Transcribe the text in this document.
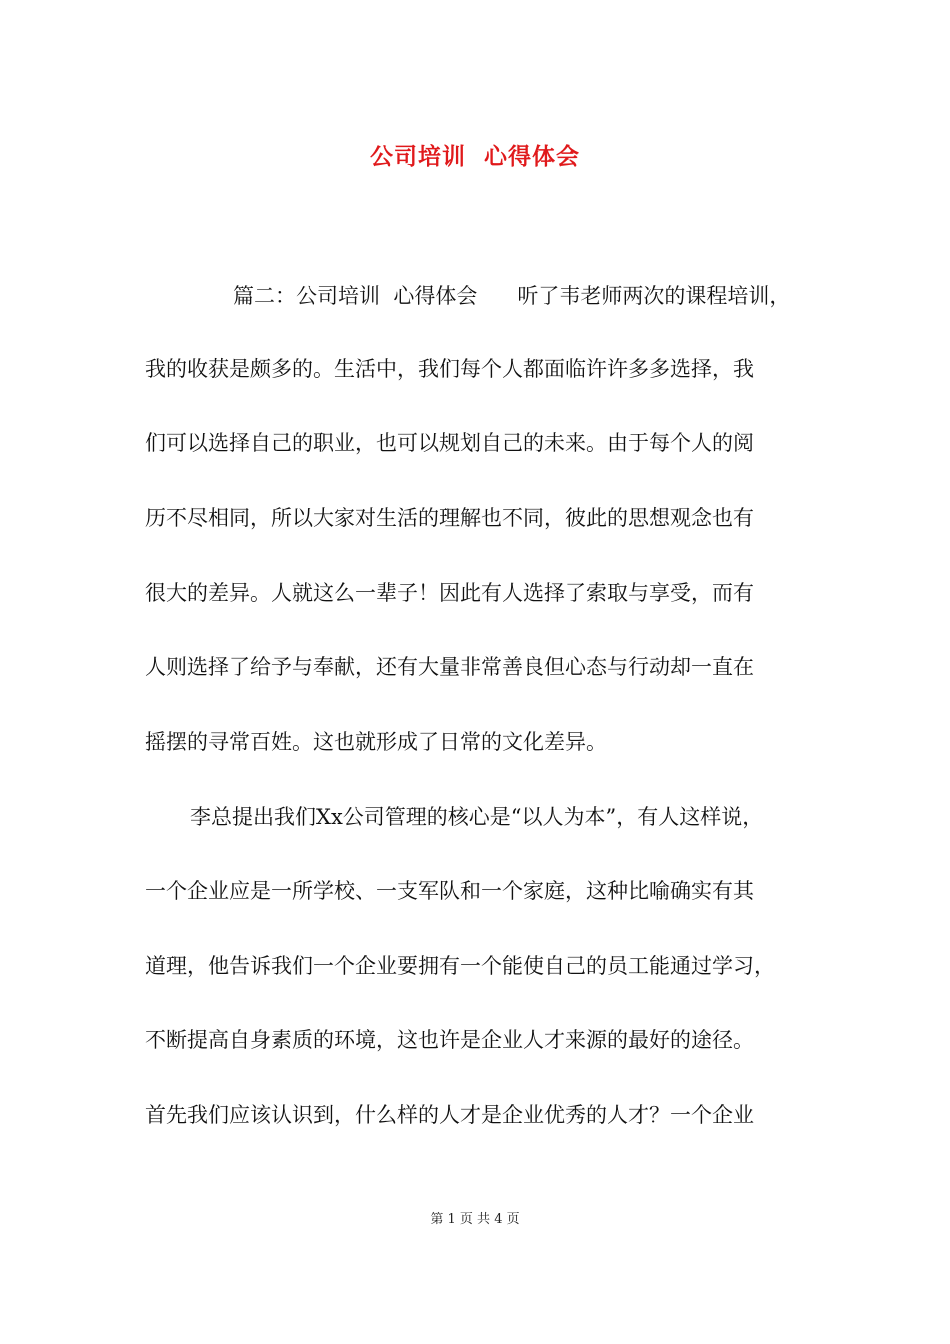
公司培训  心得体会
篇二：公司培训  心得体会      听了韦老师两次的课程培训，
我的收获是颇多的。生活中，我们每个人都面临许许多多选择，我
们可以选择自己的职业，也可以规划自己的未来。由于每个人的阅
历不尽相同，所以大家对生活的理解也不同，彼此的思想观念也有
很大的差异。人就这么一辈子！因此有人选择了索取与享受，而有
人则选择了给予与奉献，还有大量非常善良但心态与行动却一直在
摇摆的寻常百姓。这也就形成了日常的文化差异。
李总提出我们Xx公司管理的核心是“以人为本”，有人这样说，
一个企业应是一所学校、一支军队和一个家庭，这种比喻确实有其
道理，他告诉我们一个企业要拥有一个能使自己的员工能通过学习，
不断提高自身素质的环境，这也许是企业人才来源的最好的途径。
首先我们应该认识到，什么样的人才是企业优秀的人才？一个企业
第 1 页 共 4 页
